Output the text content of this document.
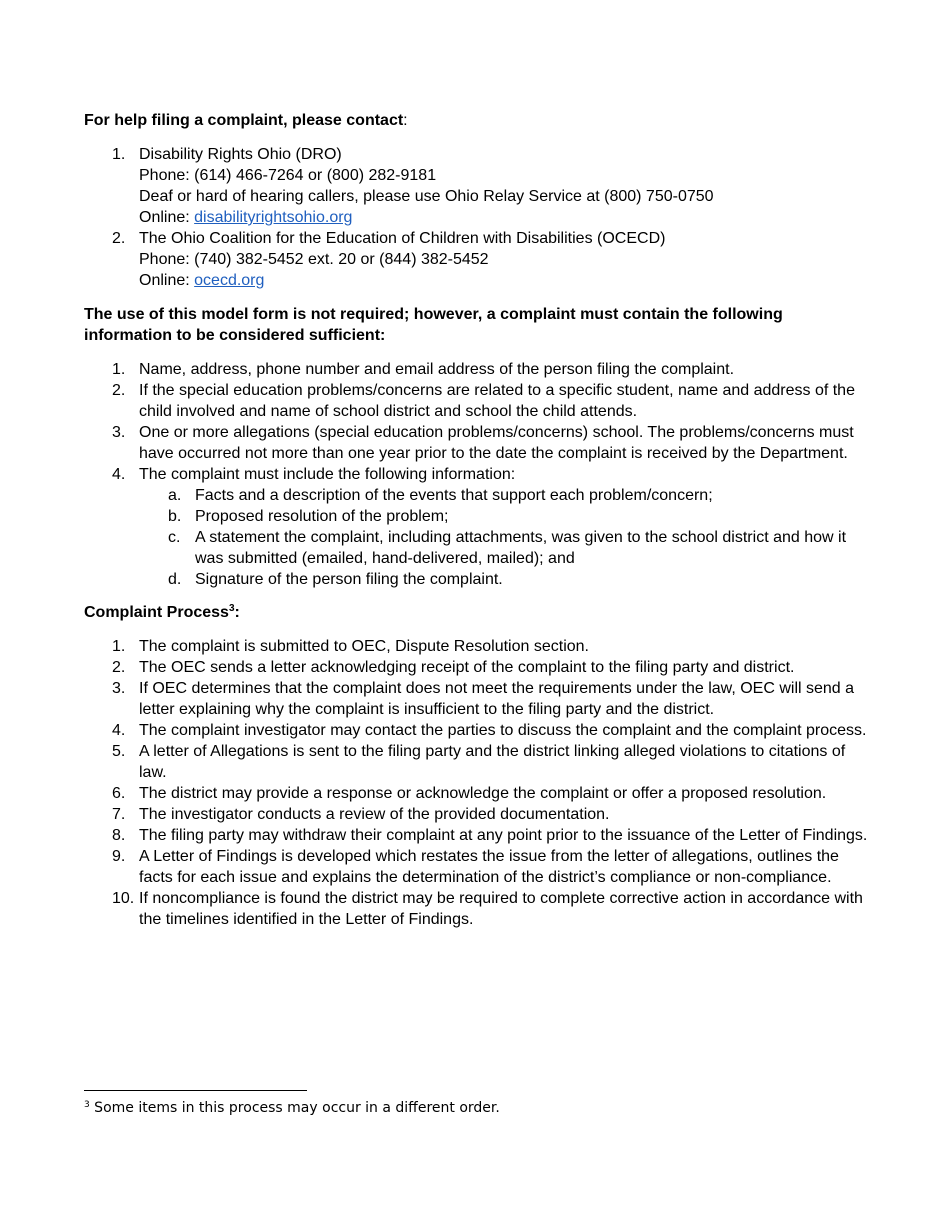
For help filing a complaint, please contact:

1. Disability Rights Ohio (DRO)
Phone: (614) 466-7264 or (800) 282-9181
Deaf or hard of hearing callers, please use Ohio Relay Service at (800) 750-0750
Online: disabilityrightsohio.org
2. The Ohio Coalition for the Education of Children with Disabilities (OCECD)
Phone: (740) 382-5452 ext. 20 or (844) 382-5452
Online: ocecd.org

The use of this model form is not required; however, a complaint must contain the following information to be considered sufficient:

1. Name, address, phone number and email address of the person filing the complaint.
2. If the special education problems/concerns are related to a specific student, name and address of the child involved and name of school district and school the child attends.
3. One or more allegations (special education problems/concerns) school. The problems/concerns must have occurred not more than one year prior to the date the complaint is received by the Department.
4. The complaint must include the following information:
a. Facts and a description of the events that support each problem/concern;
b. Proposed resolution of the problem;
c. A statement the complaint, including attachments, was given to the school district and how it was submitted (emailed, hand-delivered, mailed); and
d. Signature of the person filing the complaint.

Complaint Process$^3$:

1. The complaint is submitted to OEC, Dispute Resolution section.
2. The OEC sends a letter acknowledging receipt of the complaint to the filing party and district.
3. If OEC determines that the complaint does not meet the requirements under the law, OEC will send a letter explaining why the complaint is insufficient to the filing party and the district.
4. The complaint investigator may contact the parties to discuss the complaint and the complaint process.
5. A letter of Allegations is sent to the filing party and the district linking alleged violations to citations of law.
6. The district may provide a response or acknowledge the complaint or offer a proposed resolution.
7. The investigator conducts a review of the provided documentation.
8. The filing party may withdraw their complaint at any point prior to the issuance of the Letter of Findings.
9. A Letter of Findings is developed which restates the issue from the letter of allegations, outlines the facts for each issue and explains the determination of the district’s compliance or non-compliance.
10. If noncompliance is found the district may be required to complete corrective action in accordance with the timelines identified in the Letter of Findings.
$^3$ Some items in this process may occur in a different order.
